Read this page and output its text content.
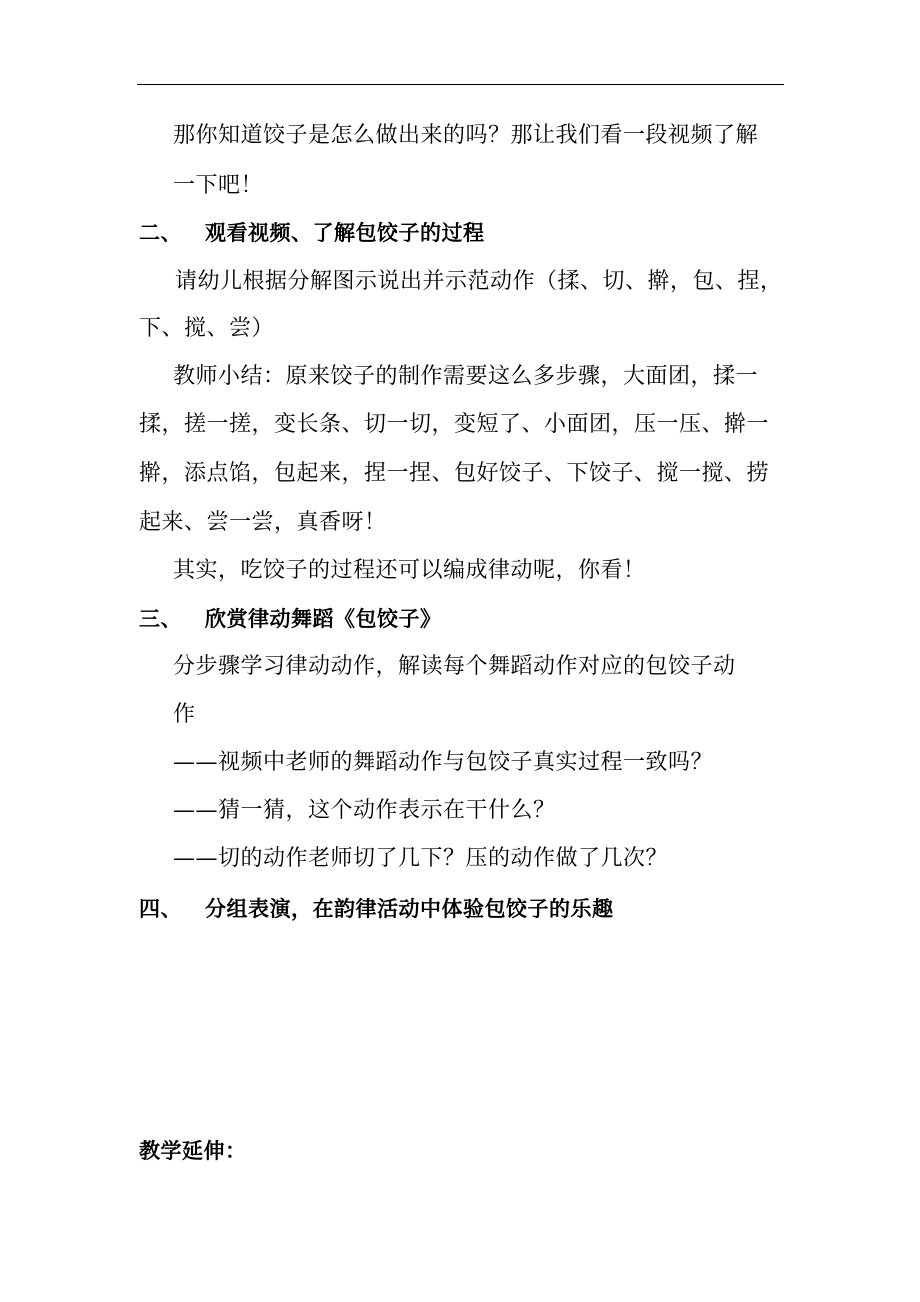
那你知道饺子是怎么做出来的吗？那让我们看一段视频了解
一下吧！
二、 观看视频、了解包饺子的过程
请幼儿根据分解图示说出并示范动作（揉、切、擀，包、捏，
下、搅、尝）
教师小结：原来饺子的制作需要这么多步骤，大面团，揉一
揉，搓一搓，变长条、切一切，变短了、小面团，压一压、擀一
擀，添点馅，包起来，捏一捏、包好饺子、下饺子、搅一搅、捞
起来、尝一尝，真香呀！
其实，吃饺子的过程还可以编成律动呢，你看！
三、 欣赏律动舞蹈《包饺子》
分步骤学习律动动作，解读每个舞蹈动作对应的包饺子动
作
——视频中老师的舞蹈动作与包饺子真实过程一致吗？
——猜一猜，这个动作表示在干什么？
——切的动作老师切了几下？压的动作做了几次？
四、 分组表演，在韵律活动中体验包饺子的乐趣
教学延伸：
